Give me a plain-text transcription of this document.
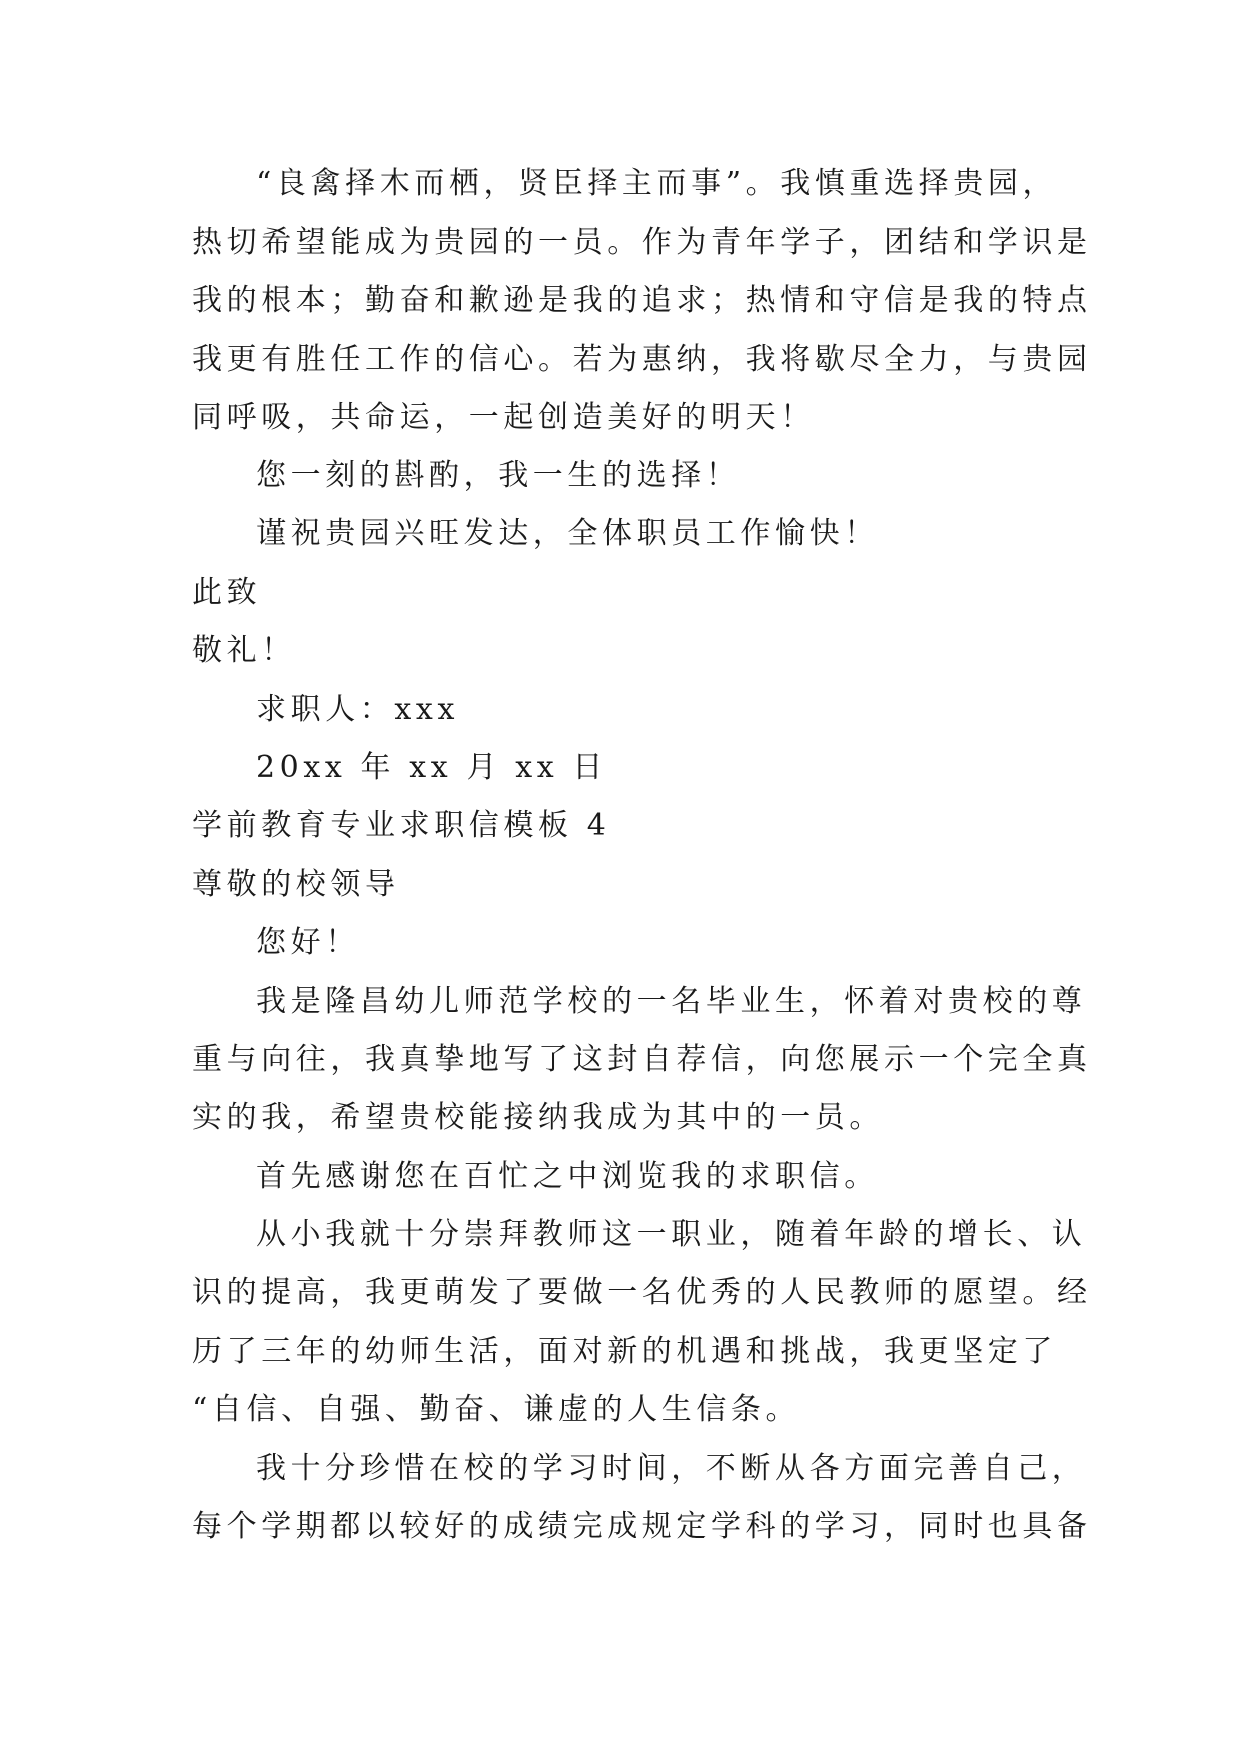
“良禽择木而栖，贤臣择主而事”。我慎重选择贵园，
热切希望能成为贵园的一员。作为青年学子，团结和学识是
我的根本；勤奋和歉逊是我的追求；热情和守信是我的特点
我更有胜任工作的信心。若为惠纳，我将歇尽全力，与贵园
同呼吸，共命运，一起创造美好的明天！
您一刻的斟酌，我一生的选择！
谨祝贵园兴旺发达，全体职员工作愉快！
此致
敬礼！
求职人：xxx
20xx 年 xx 月 xx 日
学前教育专业求职信模板 4
尊敬的校领导
您好！
我是隆昌幼儿师范学校的一名毕业生，怀着对贵校的尊
重与向往，我真挚地写了这封自荐信，向您展示一个完全真
实的我，希望贵校能接纳我成为其中的一员。
首先感谢您在百忙之中浏览我的求职信。
从小我就十分崇拜教师这一职业，随着年龄的增长、认
识的提高，我更萌发了要做一名优秀的人民教师的愿望。经
历了三年的幼师生活，面对新的机遇和挑战，我更坚定了
“自信、自强、勤奋、谦虚的人生信条。
我十分珍惜在校的学习时间，不断从各方面完善自己，
每个学期都以较好的成绩完成规定学科的学习，同时也具备
